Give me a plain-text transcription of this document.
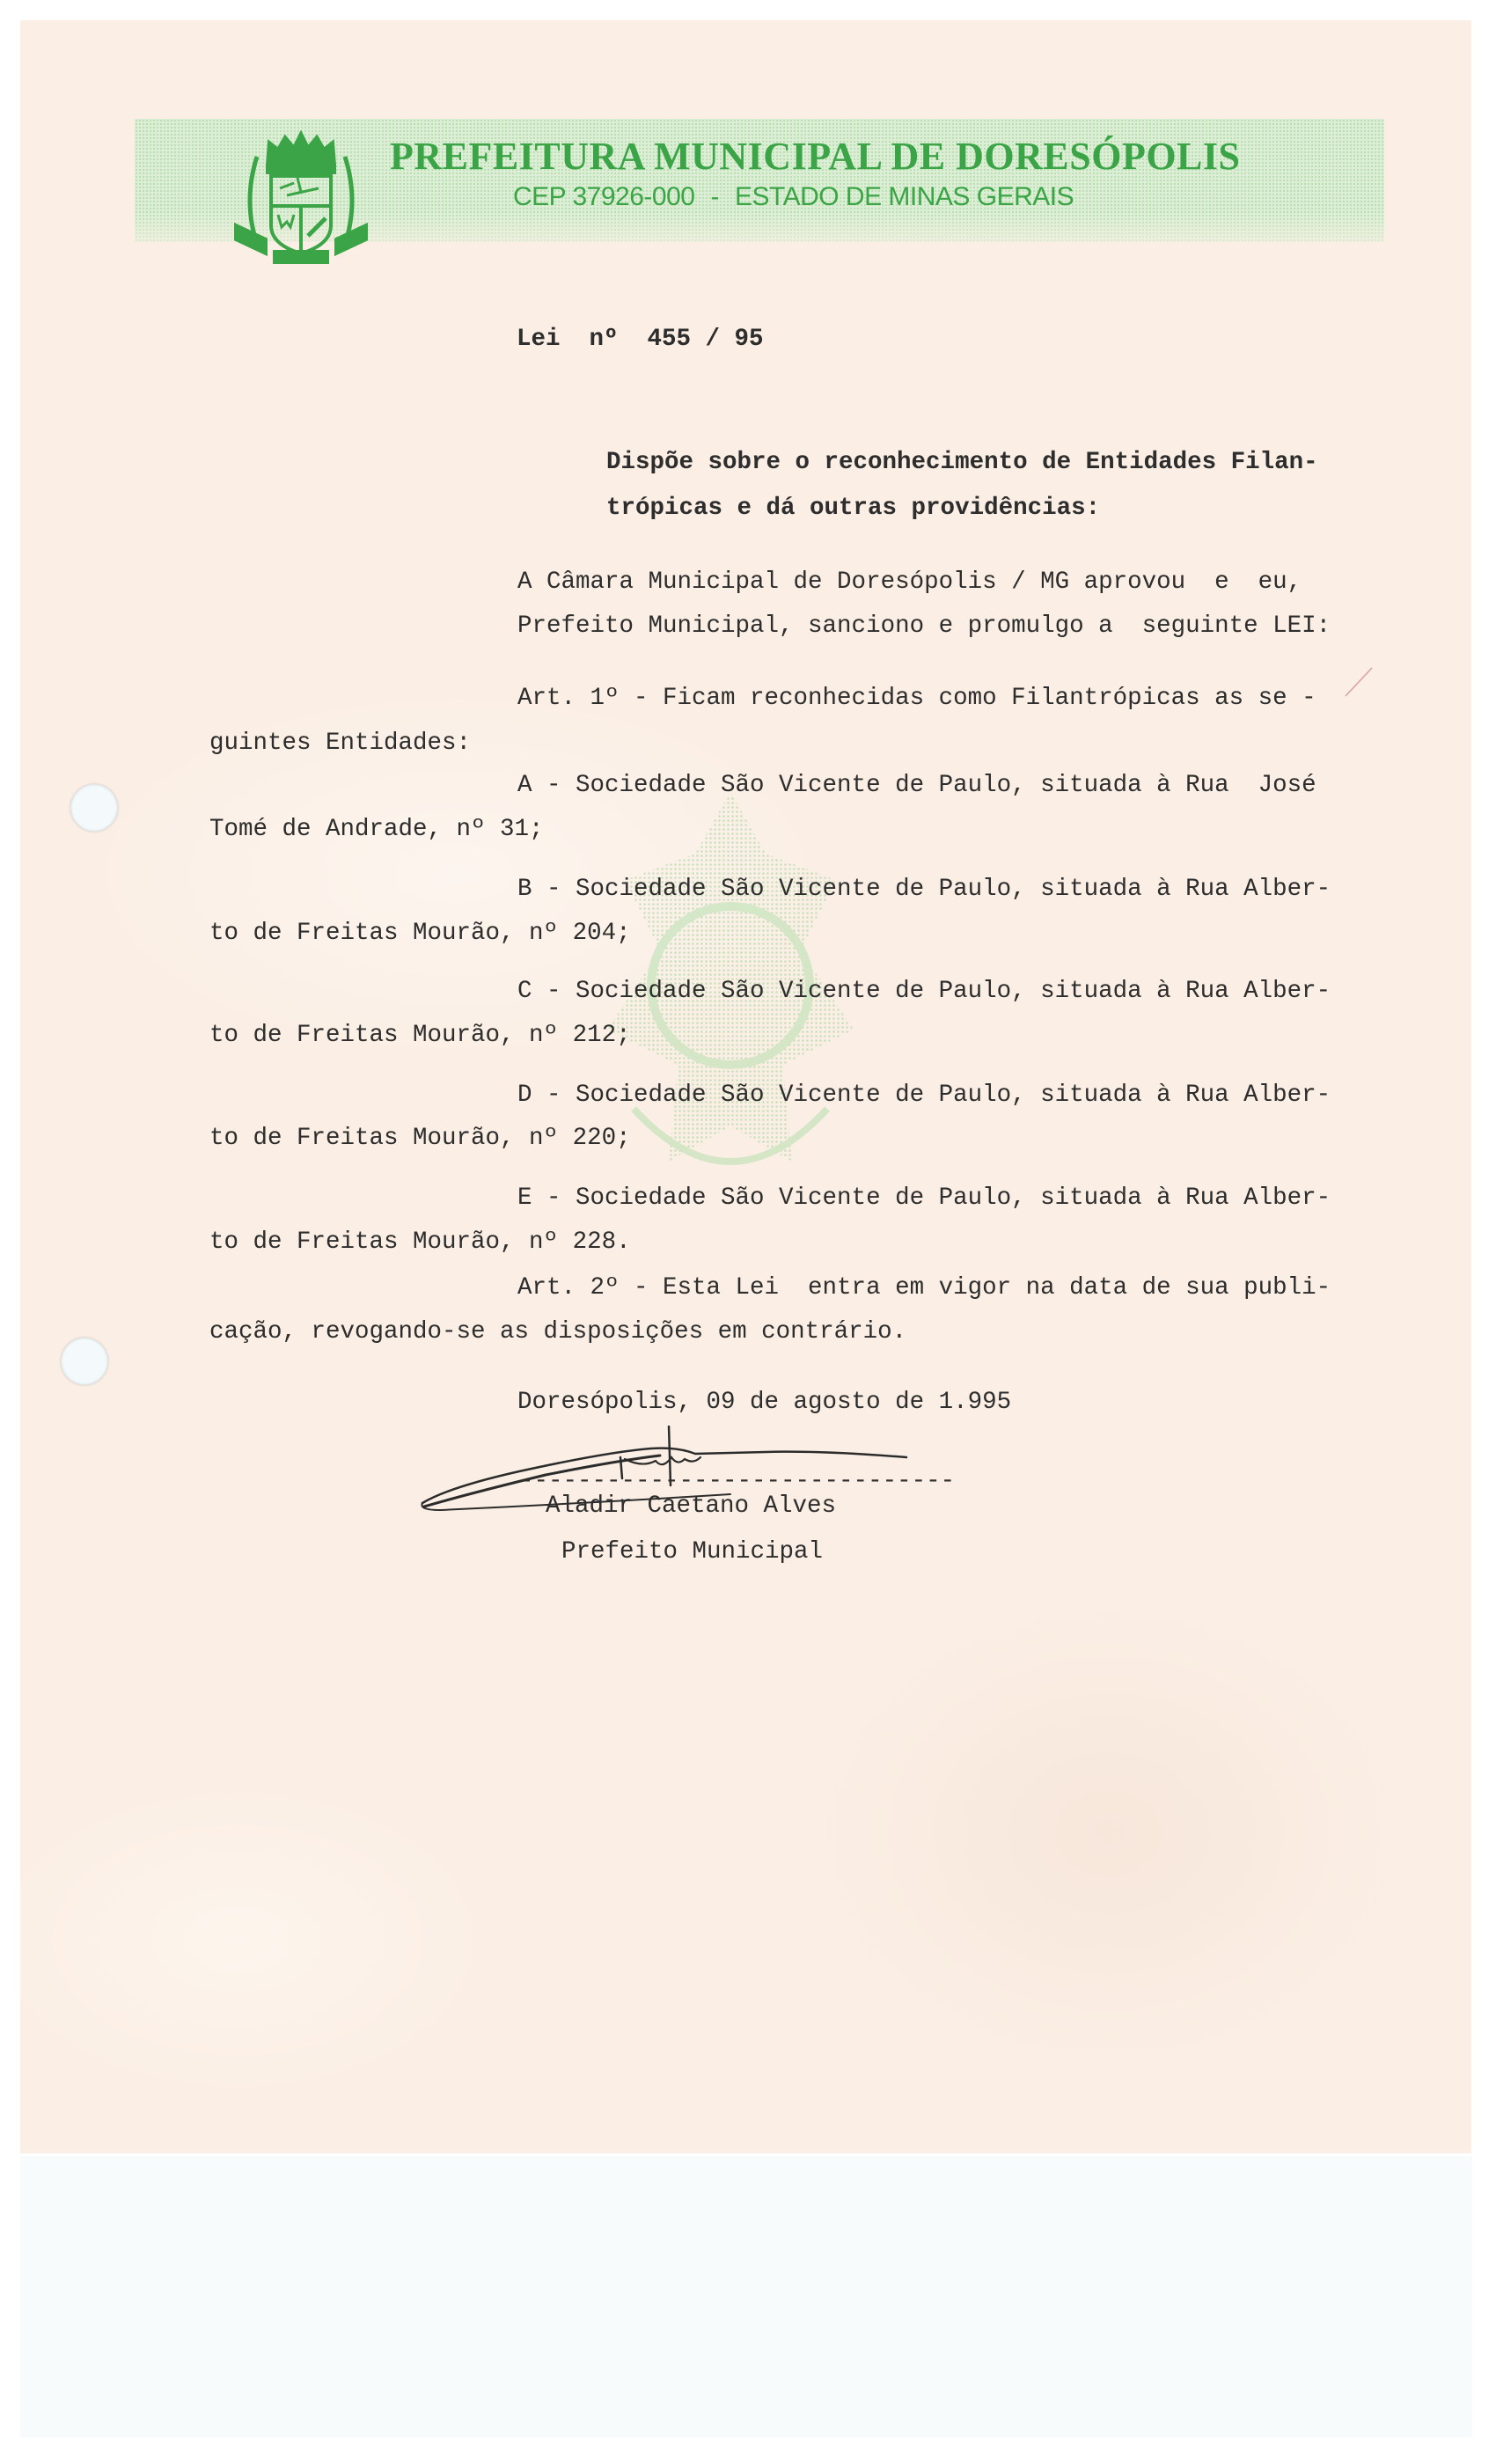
PREFEITURA MUNICIPAL DE DORESÓPOLIS
CEP 37926-000 - ESTADO DE MINAS GERAIS
Lei  nº  455 / 95
Dispõe sobre o reconhecimento de Entidades Filan-
trópicas e dá outras providências:
A Câmara Municipal de Doresópolis / MG aprovou  e  eu,
Prefeito Municipal, sanciono e promulgo a  seguinte LEI:
Art. 1º - Ficam reconhecidas como Filantrópicas as se -
guintes Entidades:
A - Sociedade São Vicente de Paulo, situada à Rua  José
Tomé de Andrade, nº 31;
B - Sociedade São Vicente de Paulo, situada à Rua Alber-
to de Freitas Mourão, nº 204;
C - Sociedade São Vicente de Paulo, situada à Rua Alber-
to de Freitas Mourão, nº 212;
D - Sociedade São Vicente de Paulo, situada à Rua Alber-
to de Freitas Mourão, nº 220;
E - Sociedade São Vicente de Paulo, situada à Rua Alber-
to de Freitas Mourão, nº 228.
Art. 2º - Esta Lei  entra em vigor na data de sua publi-
cação, revogando-se as disposições em contrário.
Doresópolis, 09 de agosto de 1.995
------------------------------
Aladir Caetano Alves
Prefeito Municipal
